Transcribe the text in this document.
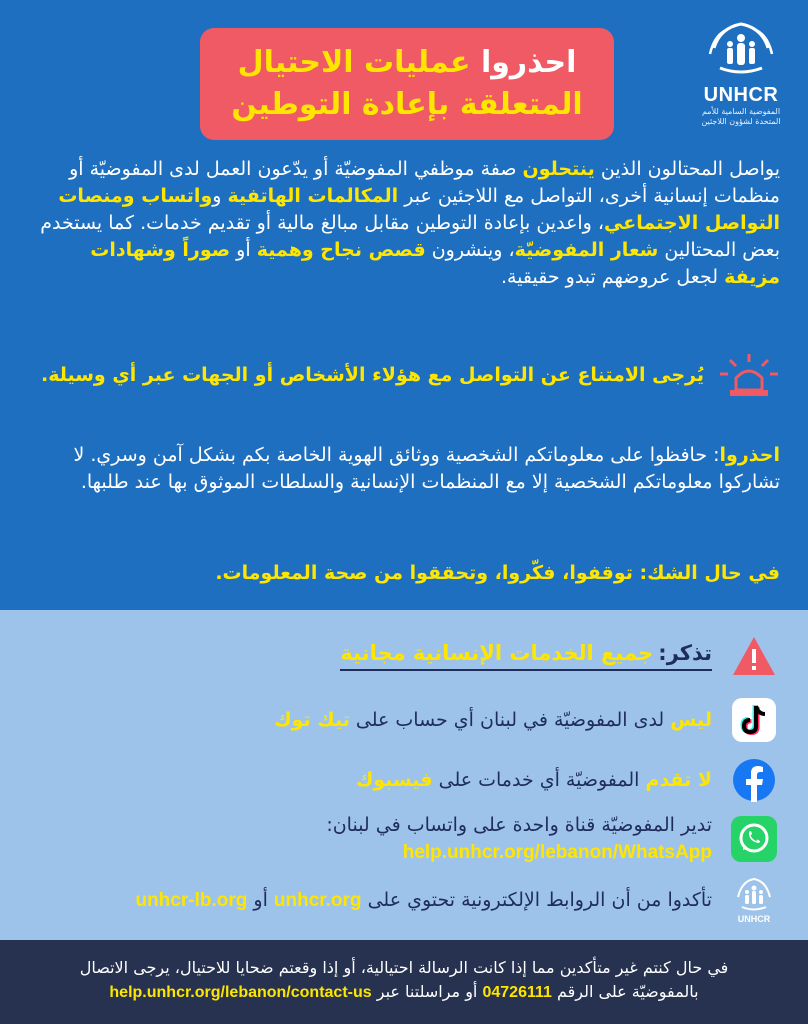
UNHCR
المفوضية السامية للأمم المتحدة لشؤون اللاجئين
احذروا عمليات الاحتيال
المتعلقة بإعادة التوطين
يواصل المحتالون الذين ينتحلون صفة موظفي المفوضيّة أو يدّعون العمل لدى المفوضيّة أو منظمات إنسانية أخرى، التواصل مع اللاجئين عبر المكالمات الهاتفية وواتساب ومنصات التواصل الاجتماعي، واعدين بإعادة التوطين مقابل مبالغ مالية أو تقديم خدمات. كما يستخدم بعض المحتالين شعار المفوضيّة، وينشرون قصص نجاح وهمية أو صوراً وشهادات مزيفة لجعل عروضهم تبدو حقيقية.
يُرجى الامتناع عن التواصل مع هؤلاء الأشخاص أو الجهات عبر أي وسيلة.
احذروا: حافظوا على معلوماتكم الشخصية ووثائق الهوية الخاصة بكم بشكل آمن وسري. لا تشاركوا معلوماتكم الشخصية إلا مع المنظمات الإنسانية والسلطات الموثوق بها عند طلبها.
في حال الشك: توقفوا، فكّروا، وتحققوا من صحة المعلومات.
تذكر: جميع الخدمات الإنسانية مجانية
ليس لدى المفوضيّة في لبنان أي حساب على تيك توك
لا تقدم المفوضيّة أي خدمات على فيسبوك
تدير المفوضيّة قناة واحدة على واتساب في لبنان:
help.unhcr.org/lebanon/WhatsApp
UNHCR
تأكدوا من أن الروابط الإلكترونية تحتوي على unhcr.org أو unhcr-lb.org
في حال كنتم غير متأكدين مما إذا كانت الرسالة احتيالية، أو إذا وقعتم ضحايا للاحتيال، يرجى الاتصال
بالمفوضيّة على الرقم 04726111 أو مراسلتنا عبر help.unhcr.org/lebanon/contact-us
